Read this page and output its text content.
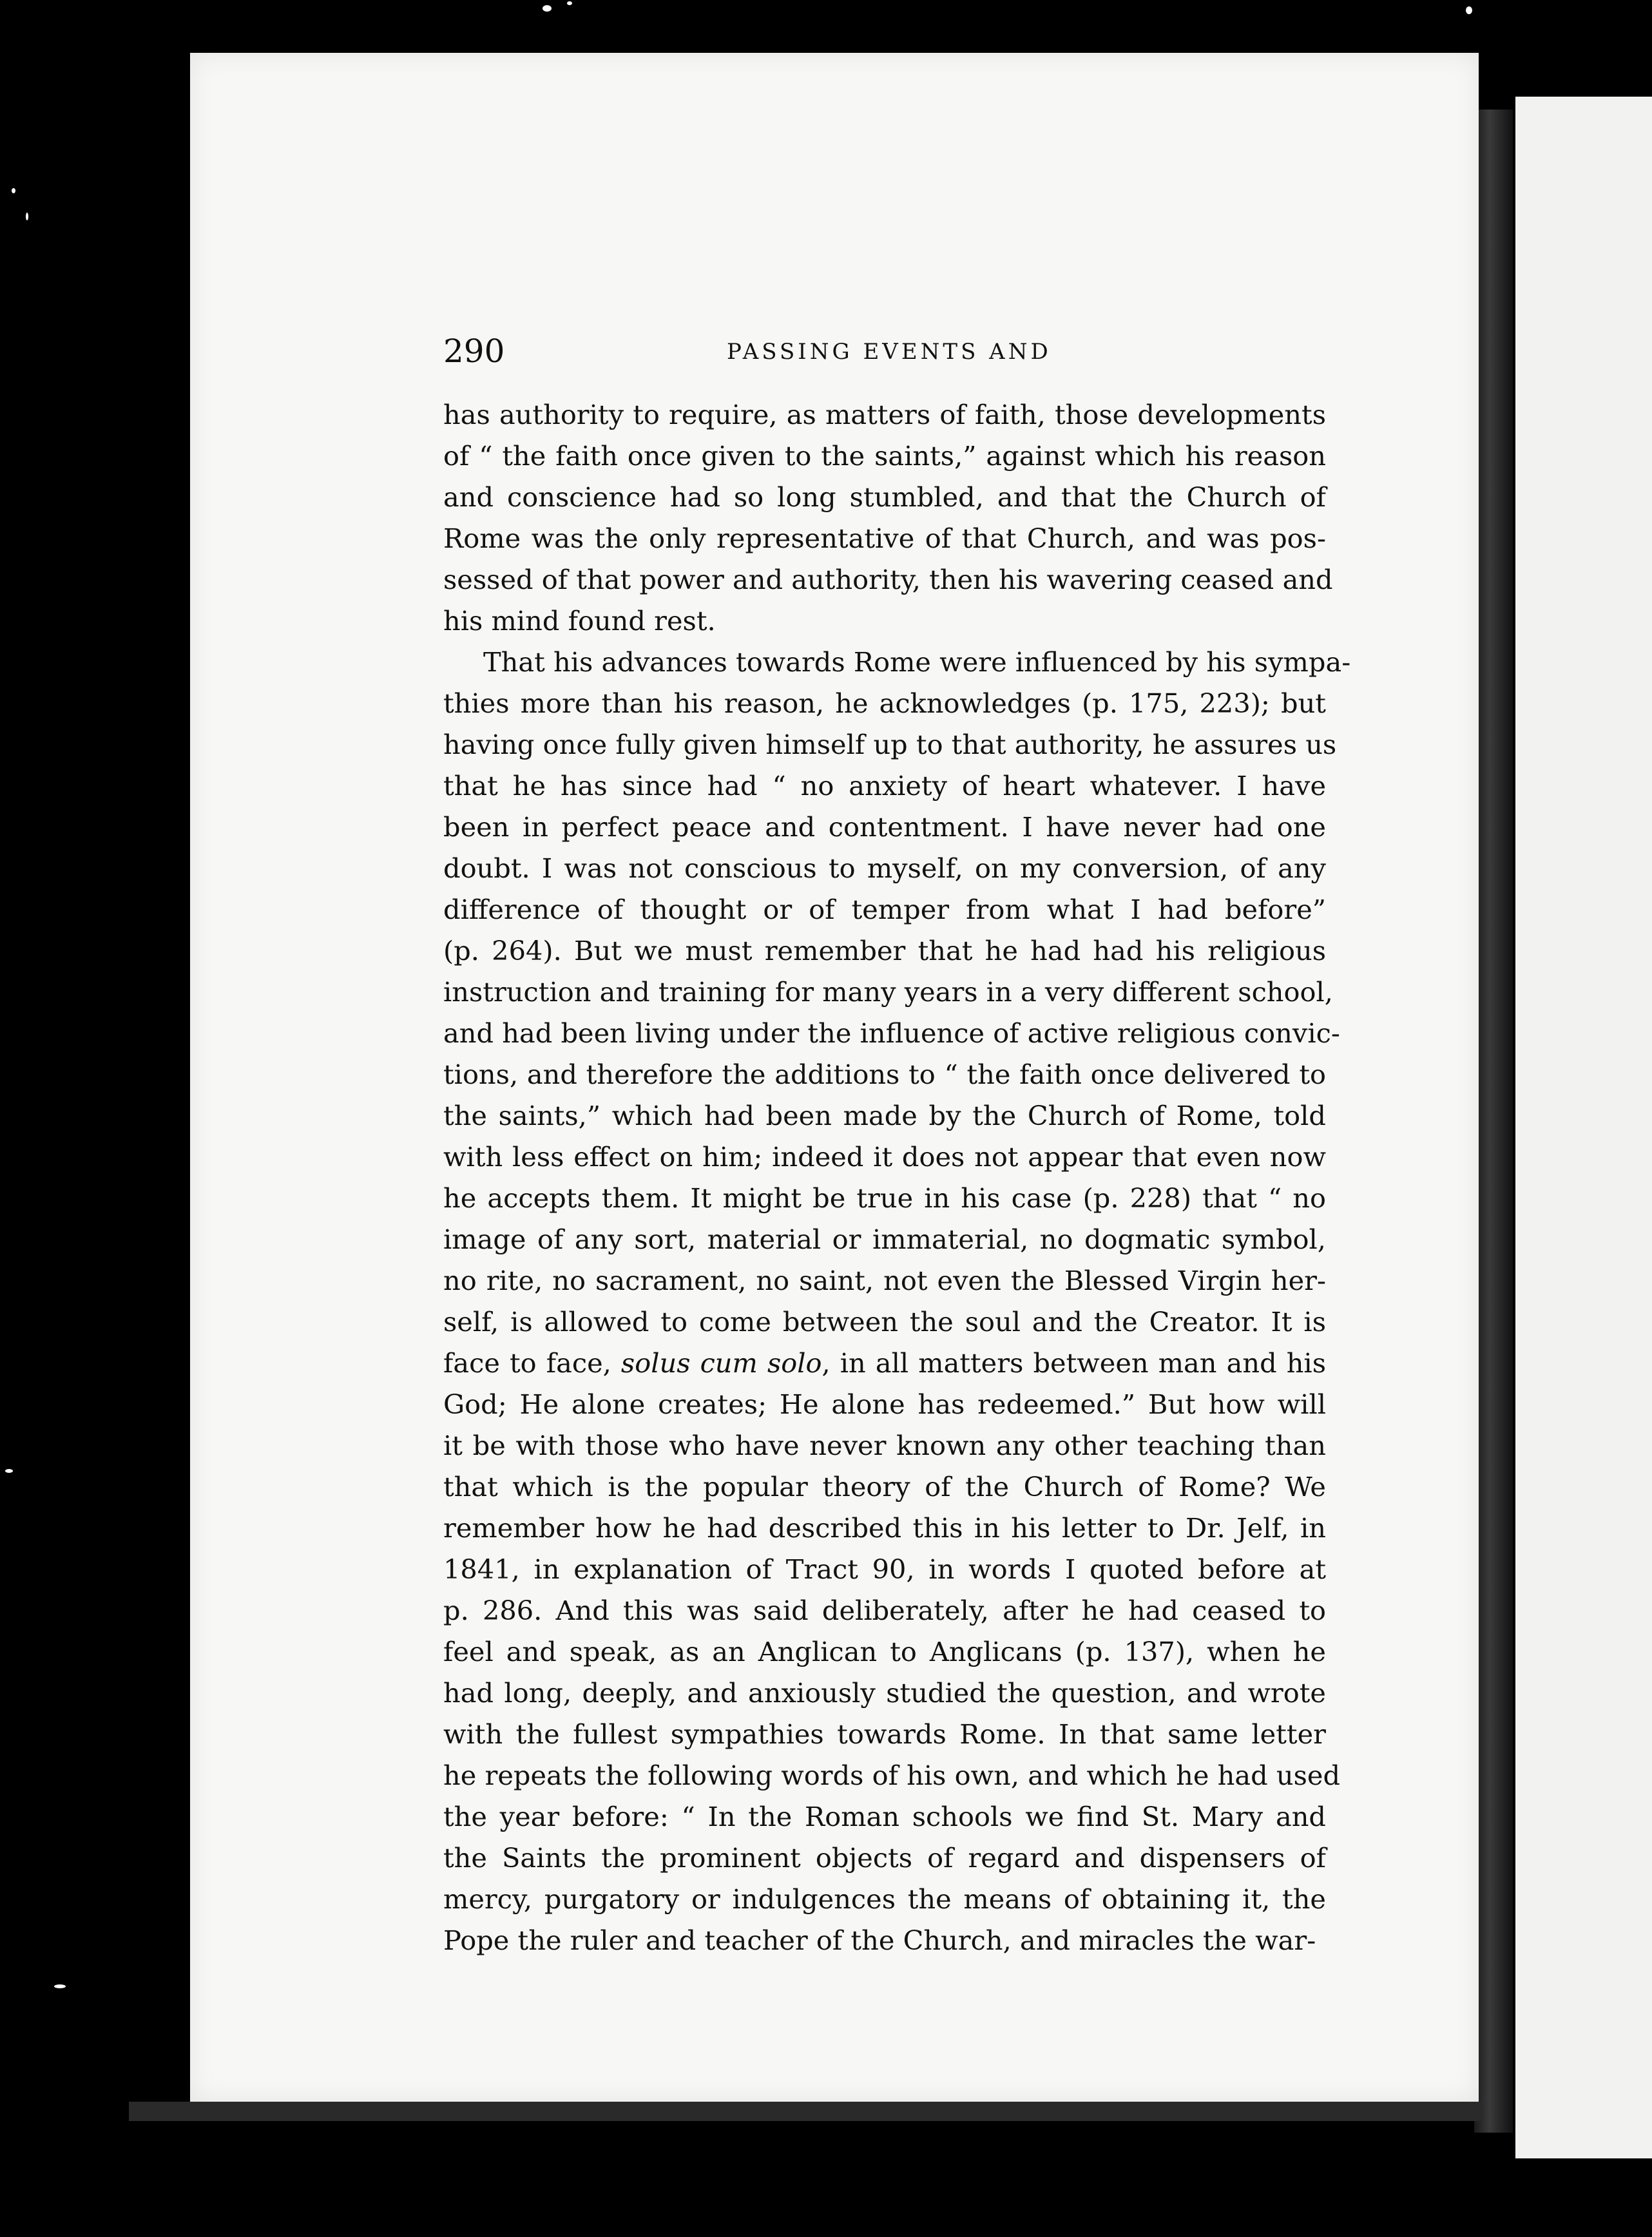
290	PASSING EVENTS AND
has authority to require, as matters of faith, those developments
of “ the faith once given to the saints,” against which his reason
and conscience had so long stumbled, and that the Church of
Rome was the only representative of that Church, and was pos-
sessed of that power and authority, then his wavering ceased and
his mind found rest.
That his advances towards Rome were influenced by his sympa-
thies more than his reason, he acknowledges (p. 175, 223); but
having once fully given himself up to that authority, he assures us
that he has since had “ no anxiety of heart whatever. I have
been in perfect peace and contentment. I have never had one
doubt. I was not conscious to myself, on my conversion, of any
difference of thought or of temper from what I had before”
(p. 264). But we must remember that he had had his religious
instruction and training for many years in a very different school,
and had been living under the influence of active religious convic-
tions, and therefore the additions to “ the faith once delivered to
the saints,” which had been made by the Church of Rome, told
with less effect on him; indeed it does not appear that even now
he accepts them. It might be true in his case (p. 228) that “ no
image of any sort, material or immaterial, no dogmatic symbol,
no rite, no sacrament, no saint, not even the Blessed Virgin her-
self, is allowed to come between the soul and the Creator. It is
face to face, solus cum solo, in all matters between man and his
God; He alone creates; He alone has redeemed.” But how will
it be with those who have never known any other teaching than
that which is the popular theory of the Church of Rome? We
remember how he had described this in his letter to Dr. Jelf, in
1841, in explanation of Tract 90, in words I quoted before at
p. 286. And this was said deliberately, after he had ceased to
feel and speak, as an Anglican to Anglicans (p. 137), when he
had long, deeply, and anxiously studied the question, and wrote
with the fullest sympathies towards Rome. In that same letter
he repeats the following words of his own, and which he had used
the year before: “ In the Roman schools we find St. Mary and
the Saints the prominent objects of regard and dispensers of
mercy, purgatory or indulgences the means of obtaining it, the
Pope the ruler and teacher of the Church, and miracles the war-
